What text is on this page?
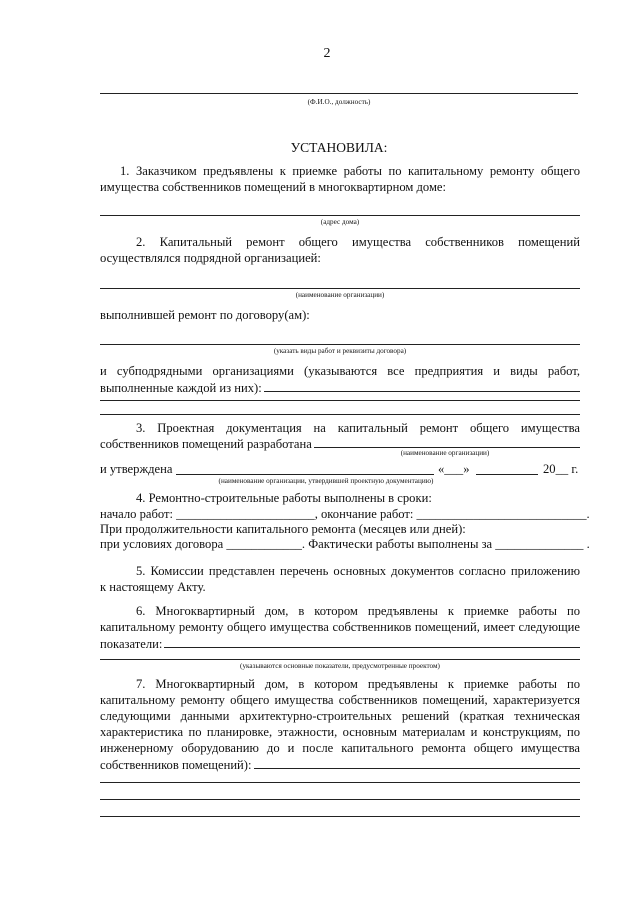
2
(Ф.И.О., должность)
УСТАНОВИЛА:
1. Заказчиком предъявлены к приемке работы по капитальному ремонту общего
имущества собственников помещений в многоквартирном доме:
(адрес дома)
2. Капитальный ремонт общего имущества собственников помещений
осуществлялся подрядной организацией:
(наименование организации)
выполнившей ремонт по договору(ам):
(указать виды работ и реквизиты договора)
и субподрядными организациями (указываются все предприятия и виды работ,
выполненные каждой из них):
3. Проектная документация на капитальный ремонт общего имущества
собственников помещений разработана
(наименование организации)
и утверждена	«___»	20__ г.
(наименование организации, утвердившей проектную документацию)
4. Ремонтно-строительные работы выполнены в сроки:
начало работ: ______________________, окончание работ: ___________________________.
При продолжительности капитального ремонта (месяцев или дней):
при условиях договора ____________. Фактически работы выполнены за ______________ .
5. Комиссии представлен перечень основных документов согласно приложению
к настоящему Акту.
6. Многоквартирный дом, в котором предъявлены к приемке работы по
капитальному ремонту общего имущества собственников помещений, имеет следующие
показатели:
(указываются основные показатели, предусмотренные проектом)
7. Многоквартирный дом, в котором предъявлены к приемке работы по
капитальному ремонту общего имущества собственников помещений, характеризуется
следующими данными архитектурно-строительных решений (краткая техническая
характеристика по планировке, этажности, основным материалам и конструкциям, по
инженерному оборудованию до и после капитального ремонта общего имущества
собственников помещений):
